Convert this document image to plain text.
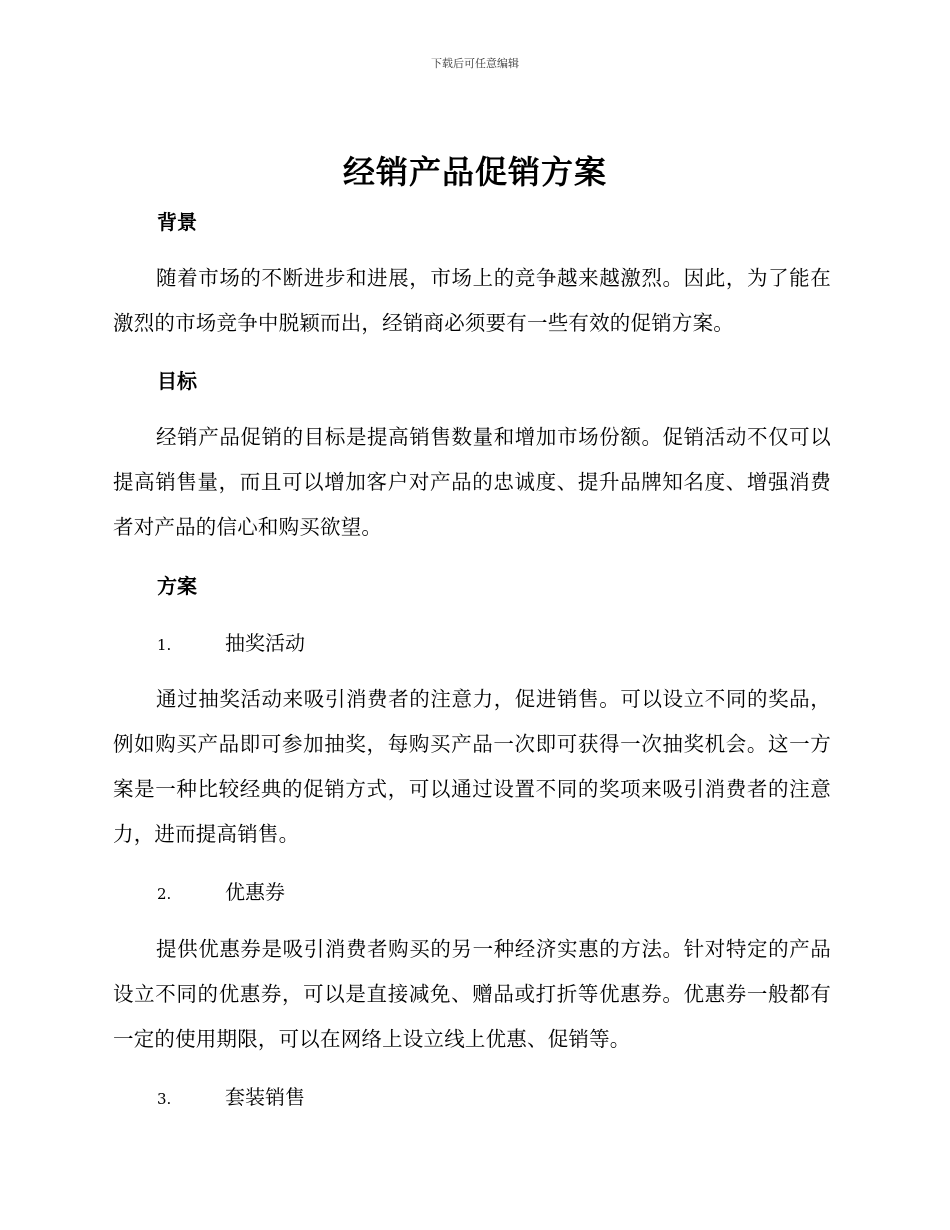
下载后可任意编辑
经销产品促销方案
背景

随着市场的不断进步和进展，市场上的竞争越来越激烈。因此，为了能在激烈的市场竞争中脱颖而出，经销商必须要有一些有效的促销方案。

目标

经销产品促销的目标是提高销售数量和增加市场份额。促销活动不仅可以提高销售量，而且可以增加客户对产品的忠诚度、提升品牌知名度、增强消费者对产品的信心和购买欲望。

方案
1.	抽奖活动

通过抽奖活动来吸引消费者的注意力，促进销售。可以设立不同的奖品，例如购买产品即可参加抽奖，每购买产品一次即可获得一次抽奖机会。这一方案是一种比较经典的促销方式，可以通过设置不同的奖项来吸引消费者的注意力，进而提高销售。

2.	优惠券

提供优惠券是吸引消费者购买的另一种经济实惠的方法。针对特定的产品设立不同的优惠券，可以是直接减免、赠品或打折等优惠券。优惠券一般都有一定的使用期限，可以在网络上设立线上优惠、促销等。

3.	套装销售
